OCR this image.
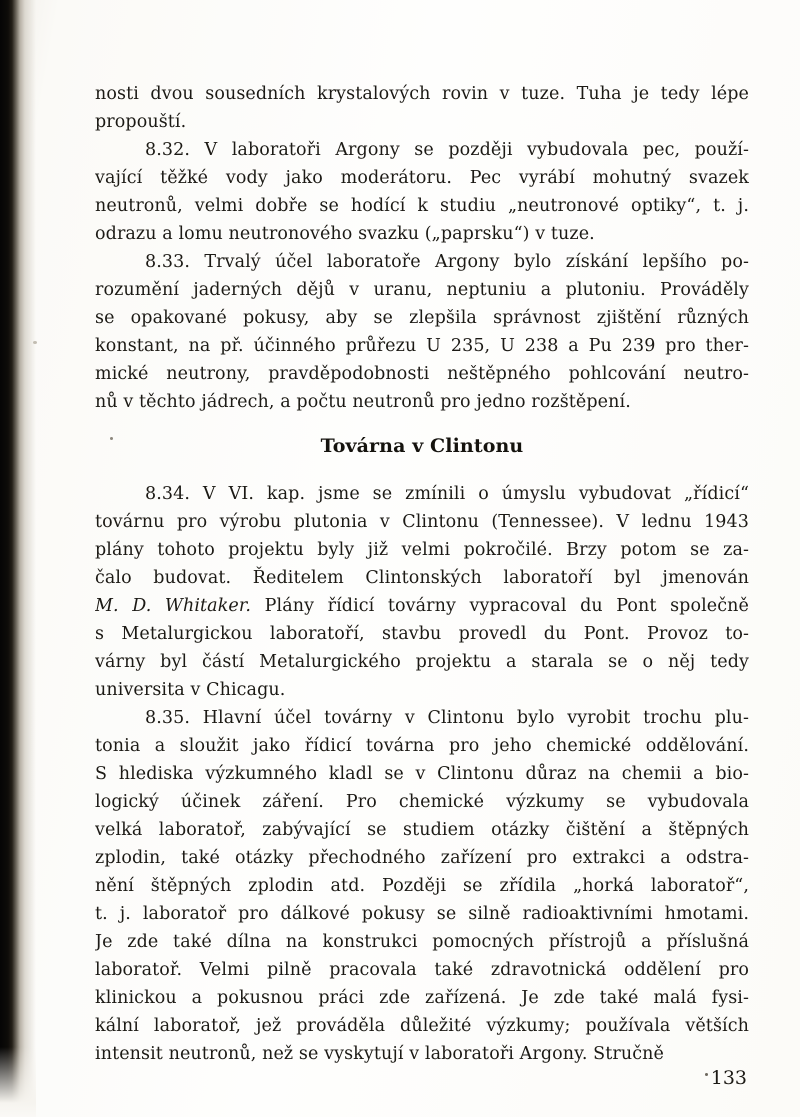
nosti dvou sousedních krystalových rovin v tuze. Tuha je tedy lépe
propouští.
8.32. V laboratoři Argony se později vybudovala pec, použí-
vající těžké vody jako moderátoru. Pec vyrábí mohutný svazek
neutronů, velmi dobře se hodící k studiu „neutronové optiky“, t. j.
odrazu a lomu neutronového svazku („paprsku“) v tuze.
8.33. Trvalý účel laboratoře Argony bylo získání lepšího po-
rozumění jaderných dějů v uranu, neptuniu a plutoniu. Prováděly
se opakované pokusy, aby se zlepšila správnost zjištění různých
konstant, na př. účinného průřezu U 235, U 238 a Pu 239 pro ther-
mické neutrony, pravděpodobnosti neštěpného pohlcování neutro-
nů v těchto jádrech, a počtu neutronů pro jedno rozštěpení.
Továrna v Clintonu
8.34. V VI. kap. jsme se zmínili o úmyslu vybudovat „řídicí“
továrnu pro výrobu plutonia v Clintonu (Tennessee). V lednu 1943
plány tohoto projektu byly již velmi pokročilé. Brzy potom se za-
čalo budovat. Ředitelem Clintonských laboratoří byl jmenován
M. D. Whitaker. Plány řídicí továrny vypracoval du Pont společně
s Metalurgickou laboratoří, stavbu provedl du Pont. Provoz to-
várny byl částí Metalurgického projektu a starala se o něj tedy
universita v Chicagu.
8.35. Hlavní účel továrny v Clintonu bylo vyrobit trochu plu-
tonia a sloužit jako řídicí továrna pro jeho chemické oddělování.
S hlediska výzkumného kladl se v Clintonu důraz na chemii a bio-
logický účinek záření. Pro chemické výzkumy se vybudovala
velká laboratoř, zabývající se studiem otázky čištění a štěpných
zplodin, také otázky přechodného zařízení pro extrakci a odstra-
nění štěpných zplodin atd. Později se zřídila „horká laboratoř“,
t. j. laboratoř pro dálkové pokusy se silně radioaktivními hmotami.
Je zde také dílna na konstrukci pomocných přístrojů a příslušná
laboratoř. Velmi pilně pracovala také zdravotnická oddělení pro
klinickou a pokusnou práci zde zařízená. Je zde také malá fysi-
kální laboratoř, jež prováděla důležité výzkumy; používala větších
intensit neutronů, než se vyskytují v laboratoři Argony. Stručně
133
